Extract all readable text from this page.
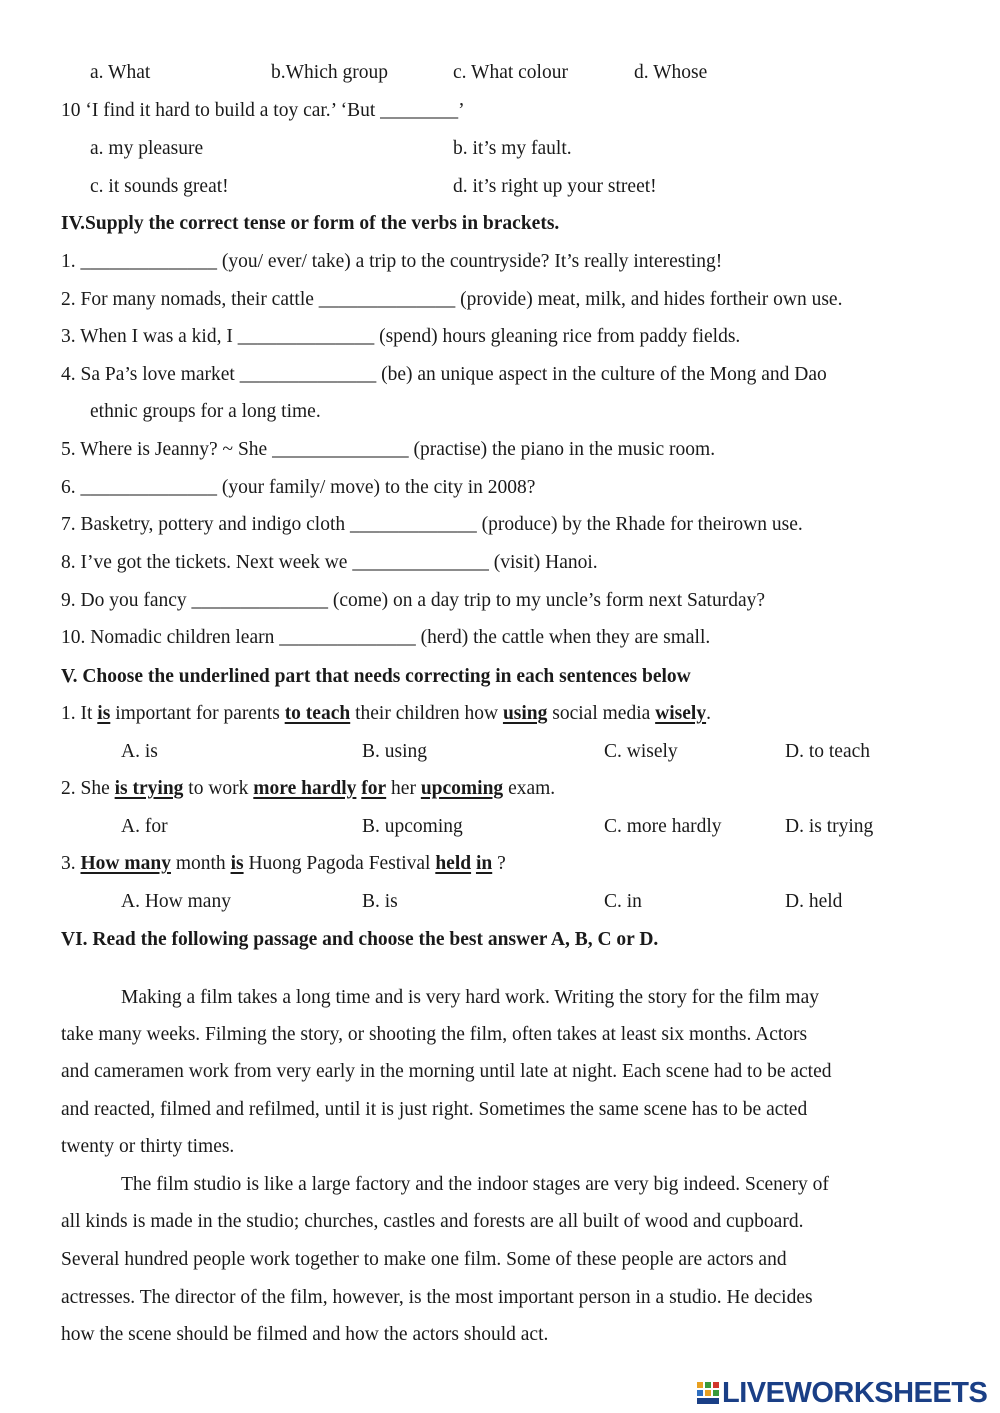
a. What	b.Which group	c. What colour	d. Whose
10 ‘I find it hard to build a toy car.’ ‘But ________’
a. my pleasure	b. it’s my fault.
c. it sounds great!	d. it’s right up your street!
IV.Supply the correct tense or form of the verbs in brackets.
1. ______________ (you/ ever/ take) a trip to the countryside? It’s really interesting!
2. For many nomads, their cattle ______________ (provide) meat, milk, and hides fortheir own use.
3. When I was a kid, I ______________ (spend) hours gleaning rice from paddy fields.
4. Sa Pa’s love market ______________ (be) an unique aspect in the culture of the Mong and Dao
ethnic groups for a long time.
5. Where is Jeanny? ~ She ______________ (practise) the piano in the music room.
6. ______________ (your family/ move) to the city in 2008?
7. Basketry, pottery and indigo cloth _____________ (produce) by the Rhade for theirown use.
8. I’ve got the tickets. Next week we ______________ (visit) Hanoi.
9. Do you fancy ______________ (come) on a day trip to my uncle’s form next Saturday?
10. Nomadic children learn ______________ (herd) the cattle when they are small.
V. Choose the underlined part that needs correcting in each sentences below
1. It is important for parents to teach their children how using social media wisely.
A. is	B. using	C. wisely	D. to teach
2. She is trying to work more hardly for her upcoming exam.
A. for	B. upcoming	C. more hardly	D. is trying
3. How many month is Huong Pagoda Festival held in ?
A. How many	B. is	C. in	D. held
VI. Read the following passage and choose the best answer A, B, C or D.
Making a film takes a long time and is very hard work. Writing the story for the film may
take many weeks. Filming the story, or shooting the film, often takes at least six months. Actors
and cameramen work from very early in the morning until late at night. Each scene had to be acted
and reacted, filmed and refilmed, until it is just right. Sometimes the same scene has to be acted
twenty or thirty times.
The film studio is like a large factory and the indoor stages are very big indeed. Scenery of
all kinds is made in the studio; churches, castles and forests are all built of wood and cupboard.
Several hundred people work together to make one film. Some of these people are actors and
actresses. The director of the film, however, is the most important person in a studio. He decides
how the scene should be filmed and how the actors should act.
LIVEWORKSHEETS
